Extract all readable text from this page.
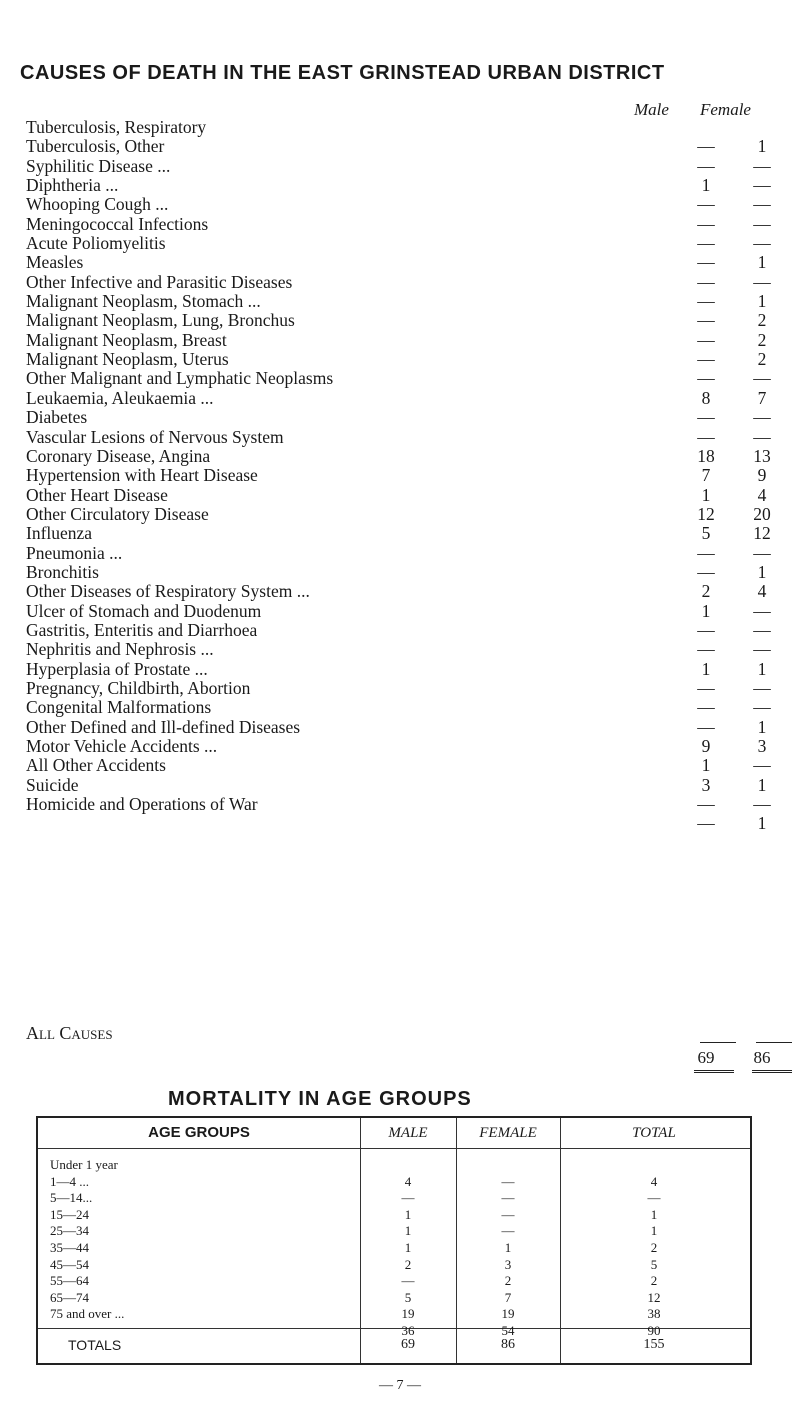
CAUSES OF DEATH IN THE EAST GRINSTEAD URBAN DISTRICT
Male Female
Tuberculosis, Respiratory
Tuberculosis, Other	—	1
Syphilitic Disease ...	—	—
Diphtheria ...	1	—
Whooping Cough ...	—	—
Meningococcal Infections	—	—
Acute Poliomyelitis	—	—
Measles	—	1
Other Infective and Parasitic Diseases	—	—
Malignant Neoplasm, Stomach ...	—	1
Malignant Neoplasm, Lung, Bronchus	—	2
Malignant Neoplasm, Breast	—	2
Malignant Neoplasm, Uterus	—	2
Other Malignant and Lymphatic Neoplasms	—	—
Leukaemia, Aleukaemia ...	8	7
Diabetes	—	—
Vascular Lesions of Nervous System	—	—
Coronary Disease, Angina	18	13
Hypertension with Heart Disease	7	9
Other Heart Disease	1	4
Other Circulatory Disease	12	20
Influenza	5	12
Pneumonia ...	—	—
Bronchitis	—	1
Other Diseases of Respiratory System ...	2	4
Ulcer of Stomach and Duodenum	1	—
Gastritis, Enteritis and Diarrhoea	—	—
Nephritis and Nephrosis ...	—	—
Hyperplasia of Prostate ...	1	1
Pregnancy, Childbirth, Abortion	—	—
Congenital Malformations	—	—
Other Defined and Ill-defined Diseases	—	1
Motor Vehicle Accidents ...	9	3
All Other Accidents	1	—
Suicide	3	1
Homicide and Operations of War	—	—
—	1
All Causes
69	86
MORTALITY IN AGE GROUPS
AGE GROUPS	MALE	FEMALE	TOTAL
Under 1 year
1—4 ...	4	—	4
5—14...	—	—	—
15—24	1	—	1
25—34	1	—	1
35—44	1	1	2
45—54	2	3	5
55—64	—	2	2
65—74	5	7	12
75 and over ...	19	19	38
36	54	90
TOTALS	69	86	155
— 7 —
